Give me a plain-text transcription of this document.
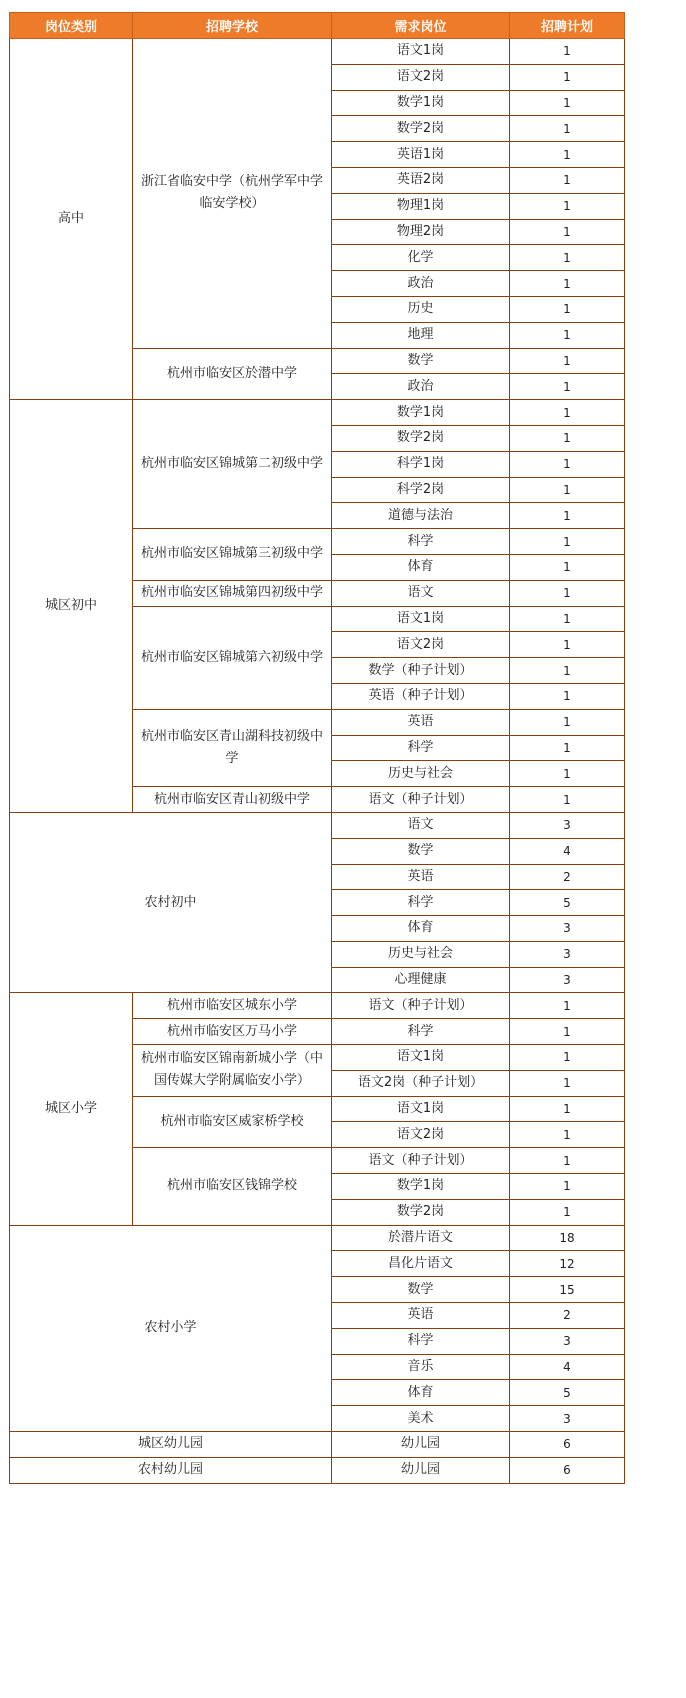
岗位类别	招聘学校	需求岗位	招聘计划
高中	浙江省临安中学（杭州学军中学临安学校）	语文1岗	1
		语文2岗	1
		数学1岗	1
		数学2岗	1
		英语1岗	1
		英语2岗	1
		物理1岗	1
		物理2岗	1
		化学	1
		政治	1
		历史	1
		地理	1
	杭州市临安区於潜中学	数学	1
		政治	1
城区初中	杭州市临安区锦城第二初级中学	数学1岗	1
		数学2岗	1
		科学1岗	1
		科学2岗	1
		道德与法治	1
	杭州市临安区锦城第三初级中学	科学	1
		体育	1
	杭州市临安区锦城第四初级中学	语文	1

	杭州市临安区锦城第六初级中学	语文1岗	1
		语文2岗	1
		数学（种子计划）	1
		英语（种子计划）	1
	杭州市临安区青山湖科技初级中学	英语	1
		科学	1
		历史与社会	1
	杭州市临安区青山初级中学	语文（种子计划）	1
农村初中		语文	3
		数学	4
		英语	2
		科学	5
		体育	3
		历史与社会	3
		心理健康	3
城区小学	杭州市临安区城东小学	语文（种子计划）	1
	杭州市临安区万马小学	科学	1
	杭州市临安区锦南新城小学（中国传媒大学附属临安小学）	语文1岗	1

		语文2岗（种子计划）	1
	杭州市临安区威家桥学校	语文1岗	1
		语文2岗	1
	杭州市临安区钱锦学校	语文（种子计划）	1
		数学1岗	1
		数学2岗	1
农村小学		於潜片语文	18
		昌化片语文	12
		数学	15
		英语	2
		科学	3
		音乐	4
		体育	5
		美术	3
城区幼儿园		幼儿园	6
农村幼儿园		幼儿园	6
